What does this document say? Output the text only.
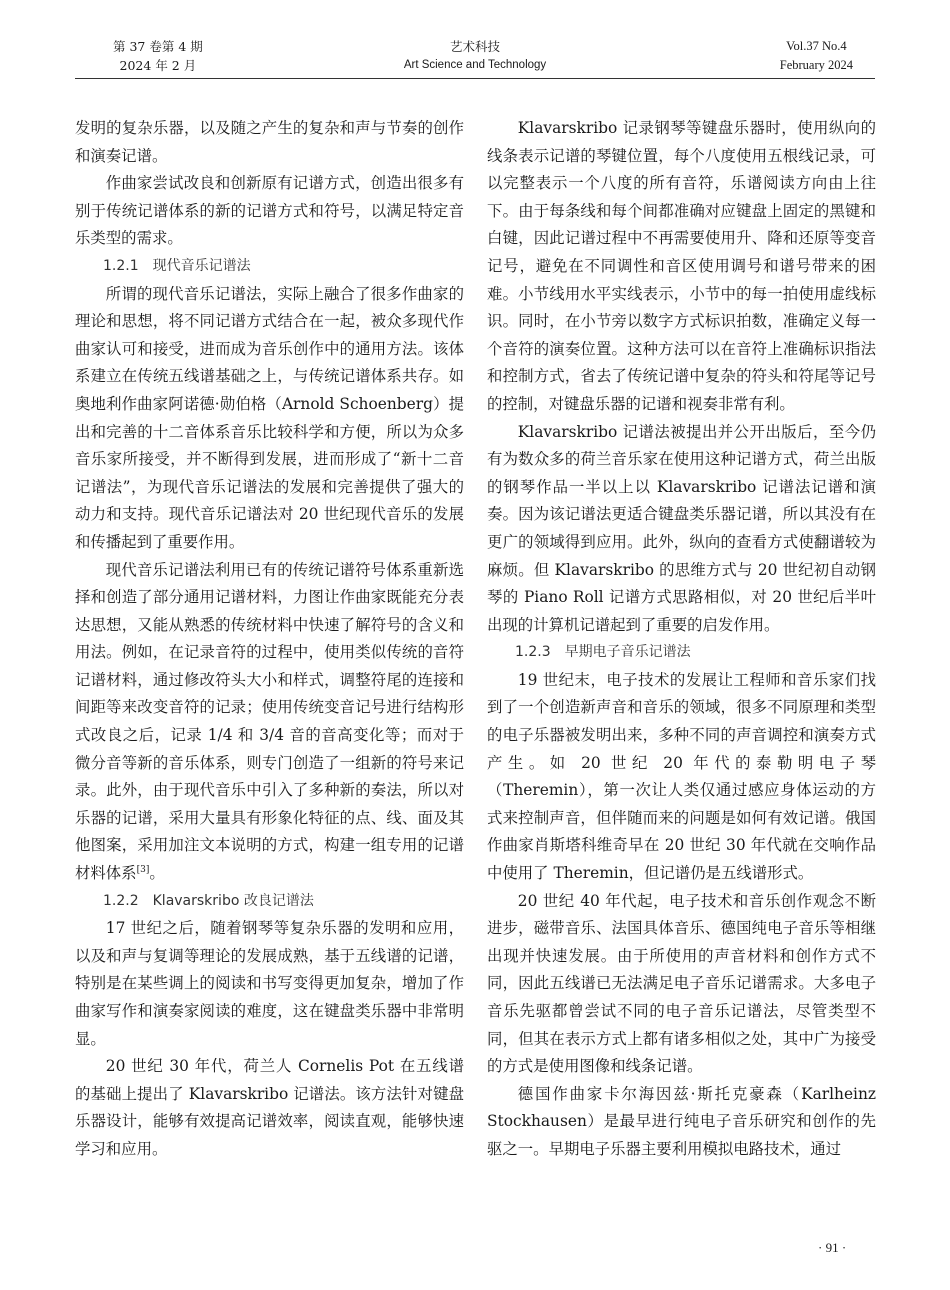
第 37 卷第 4 期
2024 年 2 月
艺术科技
Art Science and Technology
Vol.37 No.4
February 2024

发明的复杂乐器，以及随之产生的复杂和声与节奏的创作和演奏记谱。

作曲家尝试改良和创新原有记谱方式，创造出很多有别于传统记谱体系的新的记谱方式和符号，以满足特定音乐类型的需求。

1.2.1　现代音乐记谱法

所谓的现代音乐记谱法，实际上融合了很多作曲家的理论和思想，将不同记谱方式结合在一起，被众多现代作曲家认可和接受，进而成为音乐创作中的通用方法。该体系建立在传统五线谱基础之上，与传统记谱体系共存。如奥地利作曲家阿诺德·勋伯格（Arnold Schoenberg）提出和完善的十二音体系音乐比较科学和方便，所以为众多音乐家所接受，并不断得到发展，进而形成了“新十二音记谱法”，为现代音乐记谱法的发展和完善提供了强大的动力和支持。现代音乐记谱法对 20 世纪现代音乐的发展和传播起到了重要作用。

现代音乐记谱法利用已有的传统记谱符号体系重新选择和创造了部分通用记谱材料，力图让作曲家既能充分表达思想，又能从熟悉的传统材料中快速了解符号的含义和用法。例如，在记录音符的过程中，使用类似传统的音符记谱材料，通过修改符头大小和样式，调整符尾的连接和间距等来改变音符的记录；使用传统变音记号进行结构形式改良之后，记录 1/4 和 3/4 音的音高变化等；而对于微分音等新的音乐体系，则专门创造了一组新的符号来记录。此外，由于现代音乐中引入了多种新的奏法，所以对乐器的记谱，采用大量具有形象化特征的点、线、面及其他图案，采用加注文本说明的方式，构建一组专用的记谱材料体系[3]。

1.2.2　Klavarskribo 改良记谱法

17 世纪之后，随着钢琴等复杂乐器的发明和应用，以及和声与复调等理论的发展成熟，基于五线谱的记谱，特别是在某些调上的阅读和书写变得更加复杂，增加了作曲家写作和演奏家阅读的难度，这在键盘类乐器中非常明显。

20 世纪 30 年代，荷兰人 Cornelis Pot 在五线谱的基础上提出了 Klavarskribo 记谱法。该方法针对键盘乐器设计，能够有效提高记谱效率，阅读直观，能够快速学习和应用。

Klavarskribo 记录钢琴等键盘乐器时，使用纵向的线条表示记谱的琴键位置，每个八度使用五根线记录，可以完整表示一个八度的所有音符，乐谱阅读方向由上往下。由于每条线和每个间都准确对应键盘上固定的黑键和白键，因此记谱过程中不再需要使用升、降和还原等变音记号，避免在不同调性和音区使用调号和谱号带来的困难。小节线用水平实线表示，小节中的每一拍使用虚线标识。同时，在小节旁以数字方式标识拍数，准确定义每一个音符的演奏位置。这种方法可以在音符上准确标识指法和控制方式，省去了传统记谱中复杂的符头和符尾等记号的控制，对键盘乐器的记谱和视奏非常有利。

Klavarskribo 记谱法被提出并公开出版后，至今仍有为数众多的荷兰音乐家在使用这种记谱方式，荷兰出版的钢琴作品一半以上以 Klavarskribo 记谱法记谱和演奏。因为该记谱法更适合键盘类乐器记谱，所以其没有在更广的领域得到应用。此外，纵向的查看方式使翻谱较为麻烦。但 Klavarskribo 的思维方式与 20 世纪初自动钢琴的 Piano Roll 记谱方式思路相似，对 20 世纪后半叶出现的计算机记谱起到了重要的启发作用。

1.2.3　早期电子音乐记谱法

19 世纪末，电子技术的发展让工程师和音乐家们找到了一个创造新声音和音乐的领域，很多不同原理和类型的电子乐器被发明出来，多种不同的声音调控和演奏方式产生。如 20 世纪 20 年代的泰勒明电子琴（Theremin），第一次让人类仅通过感应身体运动的方式来控制声音，但伴随而来的问题是如何有效记谱。俄国作曲家肖斯塔科维奇早在 20 世纪 30 年代就在交响作品中使用了 Theremin，但记谱仍是五线谱形式。

20 世纪 40 年代起，电子技术和音乐创作观念不断进步，磁带音乐、法国具体音乐、德国纯电子音乐等相继出现并快速发展。由于所使用的声音材料和创作方式不同，因此五线谱已无法满足电子音乐记谱需求。大多电子音乐先驱都曾尝试不同的电子音乐记谱法，尽管类型不同，但其在表示方式上都有诸多相似之处，其中广为接受的方式是使用图像和线条记谱。

德国作曲家卡尔海因兹·斯托克豪森（Karlheinz Stockhausen）是最早进行纯电子音乐研究和创作的先驱之一。早期电子乐器主要利用模拟电路技术，通过

· 91 ·
